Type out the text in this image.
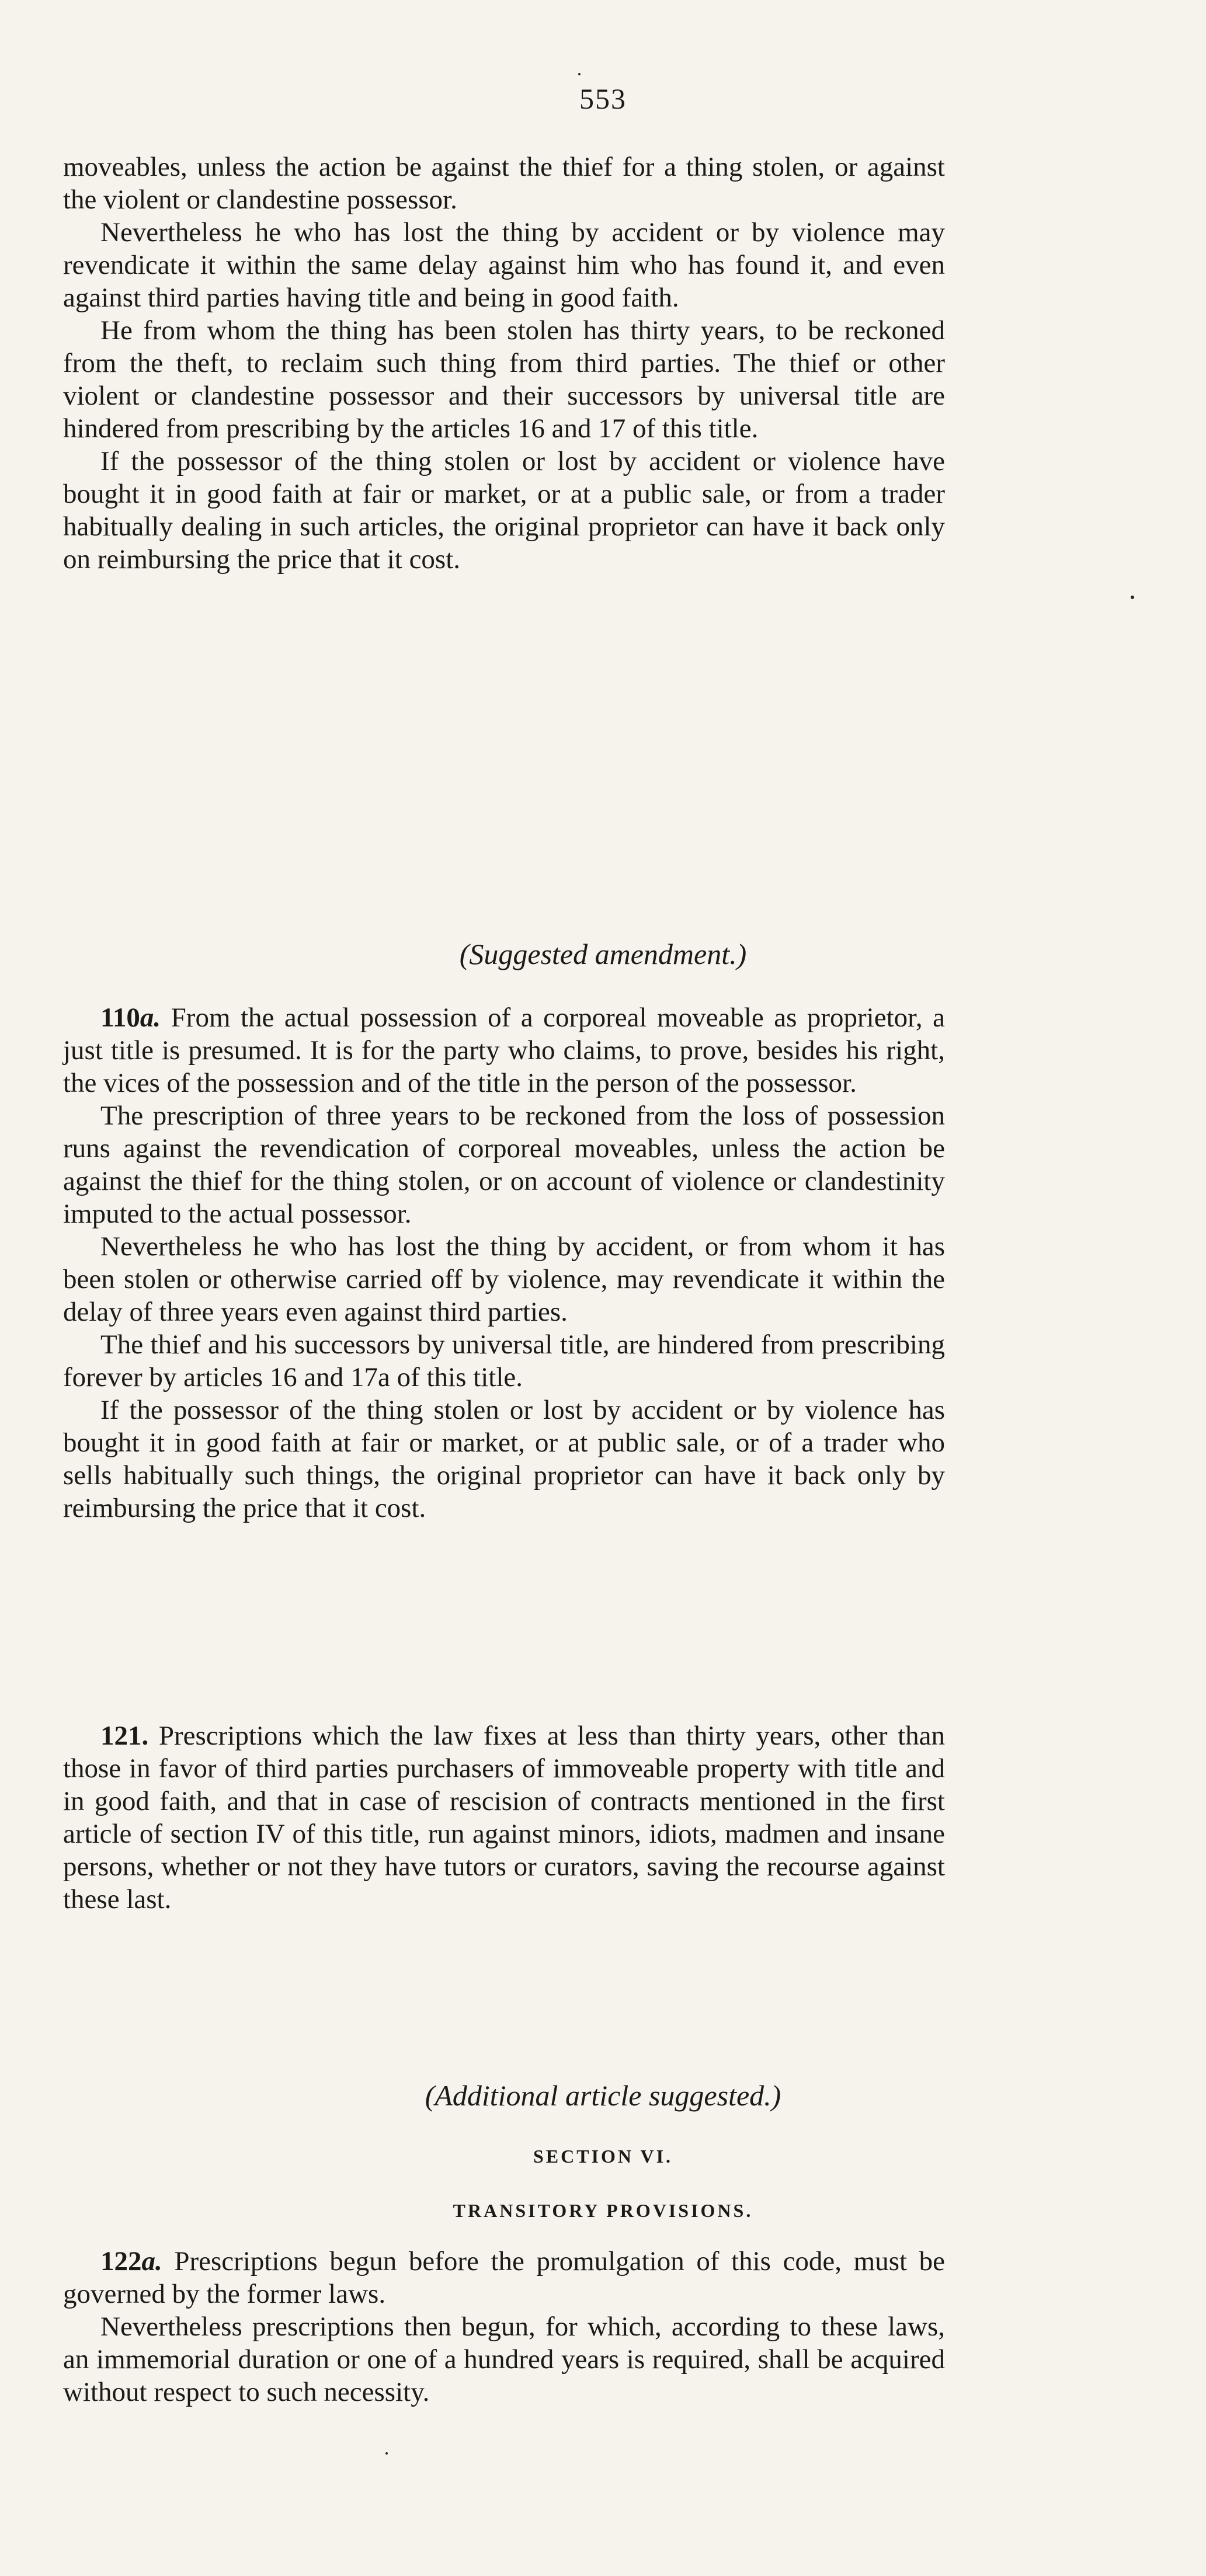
553

moveables, unless the action be against the thief for a thing stolen, or against the violent or clandestine possessor.

Nevertheless he who has lost the thing by accident or by violence may revendicate it within the same delay against him who has found it, and even against third parties having title and being in good faith.

He from whom the thing has been stolen has thirty years, to be reckoned from the theft, to reclaim such thing from third parties. The thief or other violent or clandestine possessor and their successors by universal title are hindered from prescribing by the articles 16 and 17 of this title.

If the possessor of the thing stolen or lost by accident or violence have bought it in good faith at fair or market, or at a public sale, or from a trader habitually dealing in such articles, the original proprietor can have it back only on reimbursing the price that it cost.

(Suggested amendment.)

110a. From the actual possession of a corporeal moveable as proprietor, a just title is presumed. It is for the party who claims, to prove, besides his right, the vices of the possession and of the title in the person of the possessor.

The prescription of three years to be reckoned from the loss of possession runs against the revendication of corporeal moveables, unless the action be against the thief for the thing stolen, or on account of violence or clandestinity imputed to the actual possessor.

Nevertheless he who has lost the thing by accident, or from whom it has been stolen or otherwise carried off by violence, may revendicate it within the delay of three years even against third parties.

The thief and his successors by universal title, are hindered from prescribing forever by articles 16 and 17a of this title.

If the possessor of the thing stolen or lost by accident or by violence has bought it in good faith at fair or market, or at public sale, or of a trader who sells habitually such things, the original proprietor can have it back only by reimbursing the price that it cost.

121. Prescriptions which the law fixes at less than thirty years, other than those in favor of third parties purchasers of immoveable property with title and in good faith, and that in case of rescision of contracts mentioned in the first article of section IV of this title, run against minors, idiots, madmen and insane persons, whether or not they have tutors or curators, saving the recourse against these last.

(Additional article suggested.)
SECTION VI.
TRANSITORY PROVISIONS.

122a. Prescriptions begun before the promulgation of this code, must be governed by the former laws.

Nevertheless prescriptions then begun, for which, according to these laws, an immemorial duration or one of a hundred years is required, shall be acquired without respect to such necessity.
